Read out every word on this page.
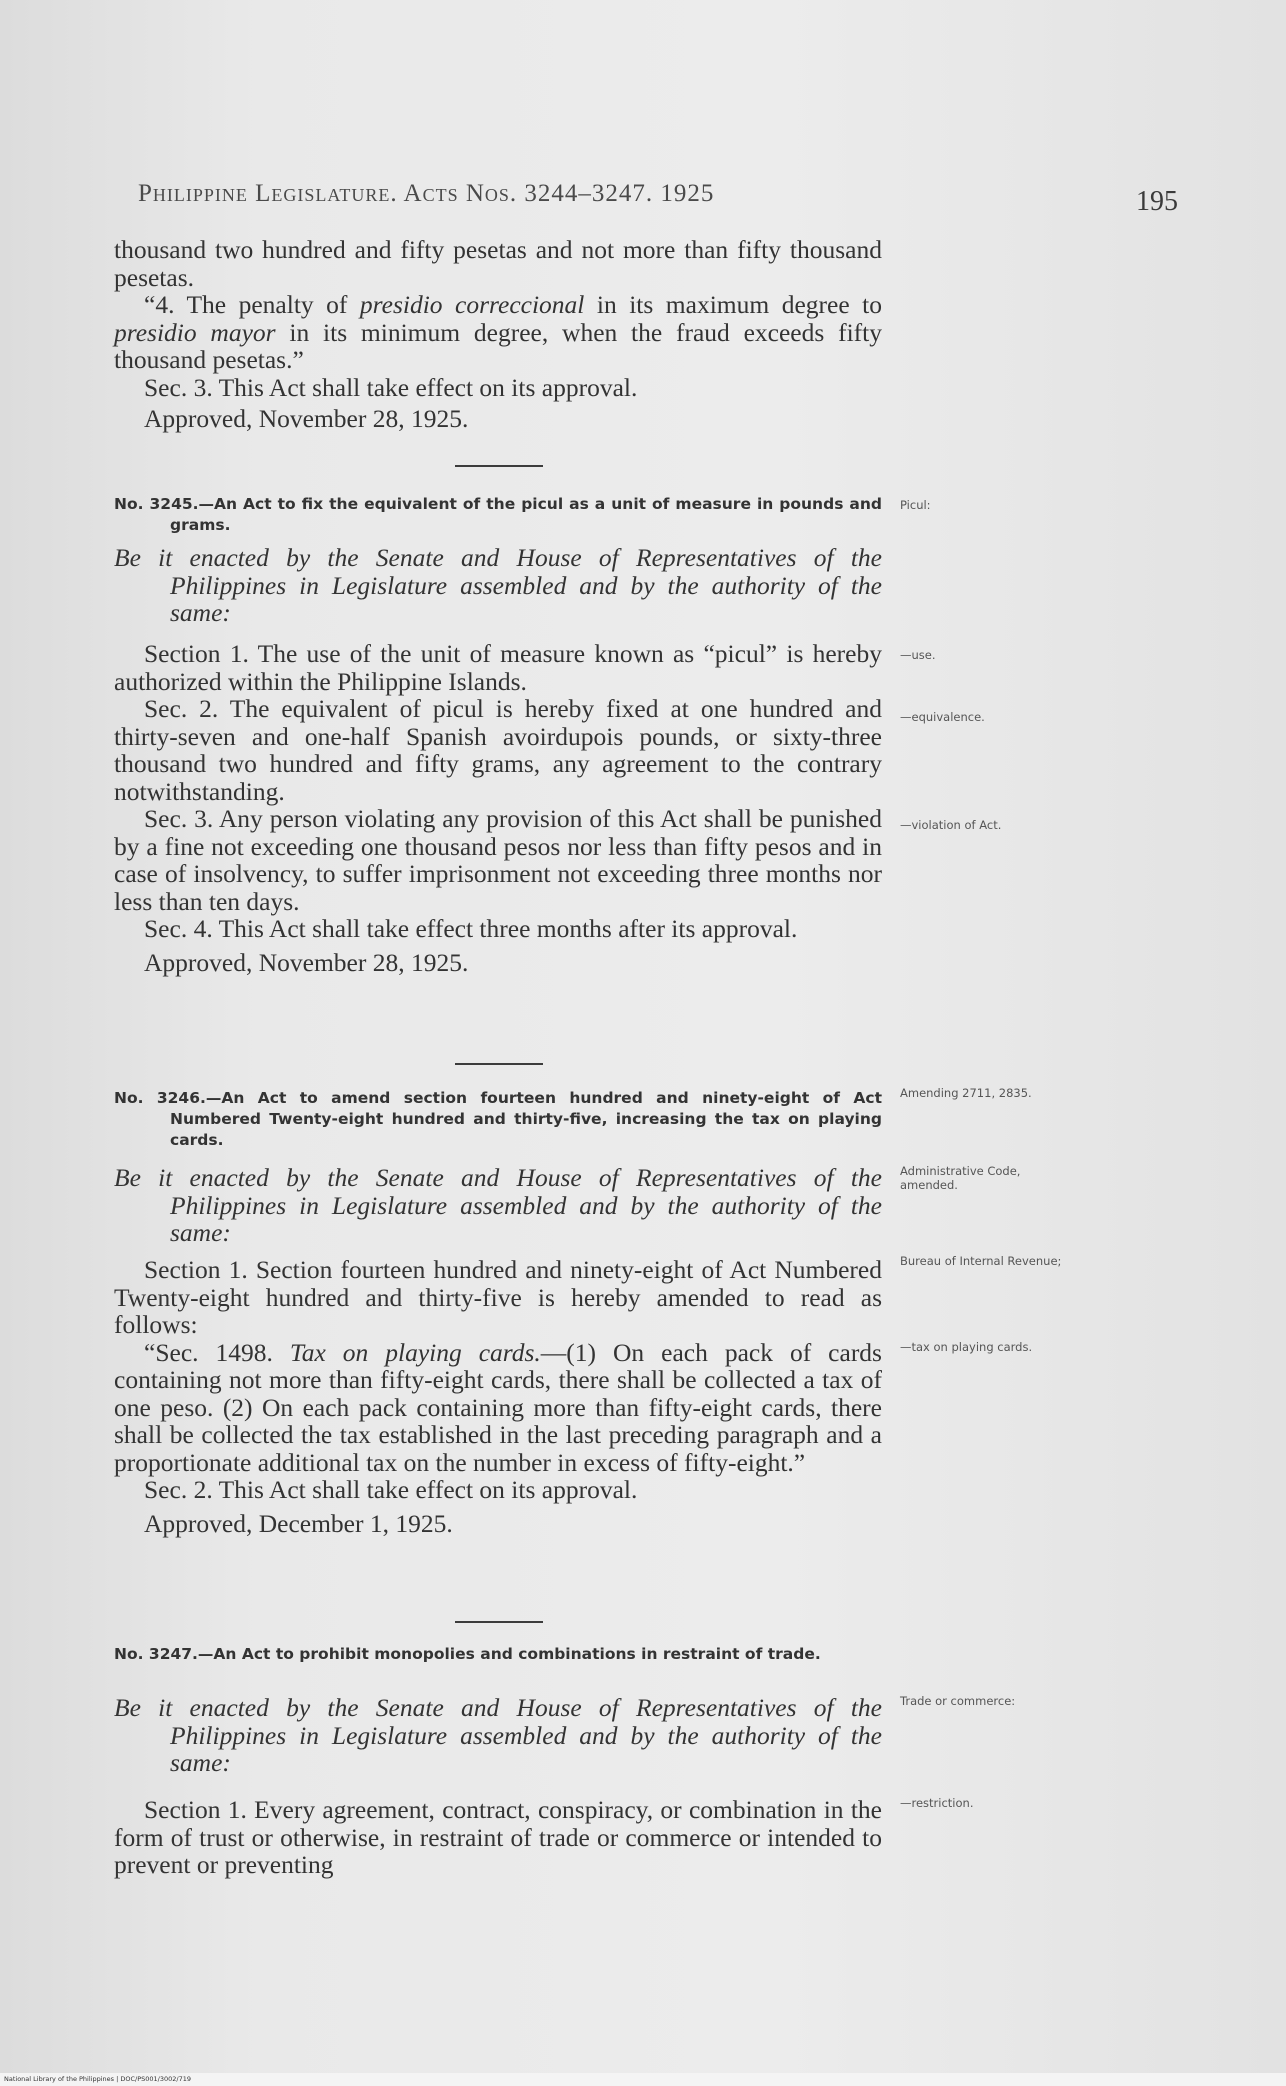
Philippine Legislature. Acts Nos. 3244–3247. 1925	195

thousand two hundred and fifty pesetas and not more than fifty thousand pesetas.

“4. The penalty of presidio correccional in its maximum degree to presidio mayor in its minimum degree, when the fraud exceeds fifty thousand pesetas.”

Sec. 3. This Act shall take effect on its approval.

Approved, November 28, 1925.

No. 3245.—An Act to fix the equivalent of the picul as a unit of measure in pounds and grams.
Picul:
Be it enacted by the Senate and House of Representatives of the Philippines in Legislature assembled and by the authority of the same:

Section 1. The use of the unit of measure known as “picul” is hereby authorized within the Philippine Islands.

Sec. 2. The equivalent of picul is hereby fixed at one hundred and thirty-seven and one-half Spanish avoirdupois pounds, or sixty-three thousand two hundred and fifty grams, any agreement to the contrary notwithstanding.

Sec. 3. Any person violating any provision of this Act shall be punished by a fine not exceeding one thousand pesos nor less than fifty pesos and in case of insolvency, to suffer imprisonment not exceeding three months nor less than ten days.

Sec. 4. This Act shall take effect three months after its approval.

Approved, November 28, 1925.

—use.
—equivalence.
—violation of Act.
No. 3246.—An Act to amend section fourteen hundred and ninety-eight of Act Numbered Twenty-eight hundred and thirty-five, increasing the tax on playing cards.
Amending 2711, 2835.
Be it enacted by the Senate and House of Representatives of the Philippines in Legislature assembled and by the authority of the same:
Administrative Code, amended.

Section 1. Section fourteen hundred and ninety-eight of Act Numbered Twenty-eight hundred and thirty-five is hereby amended to read as follows:

“Sec. 1498. Tax on playing cards.—(1) On each pack of cards containing not more than fifty-eight cards, there shall be collected a tax of one peso. (2) On each pack containing more than fifty-eight cards, there shall be collected the tax established in the last preceding paragraph and a proportionate additional tax on the number in excess of fifty-eight.”

Sec. 2. This Act shall take effect on its approval.

Approved, December 1, 1925.

Bureau of Internal Revenue;
—tax on playing cards.
No. 3247.—An Act to prohibit monopolies and combinations in restraint of trade.
Be it enacted by the Senate and House of Representatives of the Philippines in Legislature assembled and by the authority of the same:
Trade or commerce:

Section 1. Every agreement, contract, conspiracy, or combination in the form of trust or otherwise, in restraint of trade or commerce or intended to prevent or preventing

—restriction.
National Library of the Philippines | DOC/PS001/3002/719
